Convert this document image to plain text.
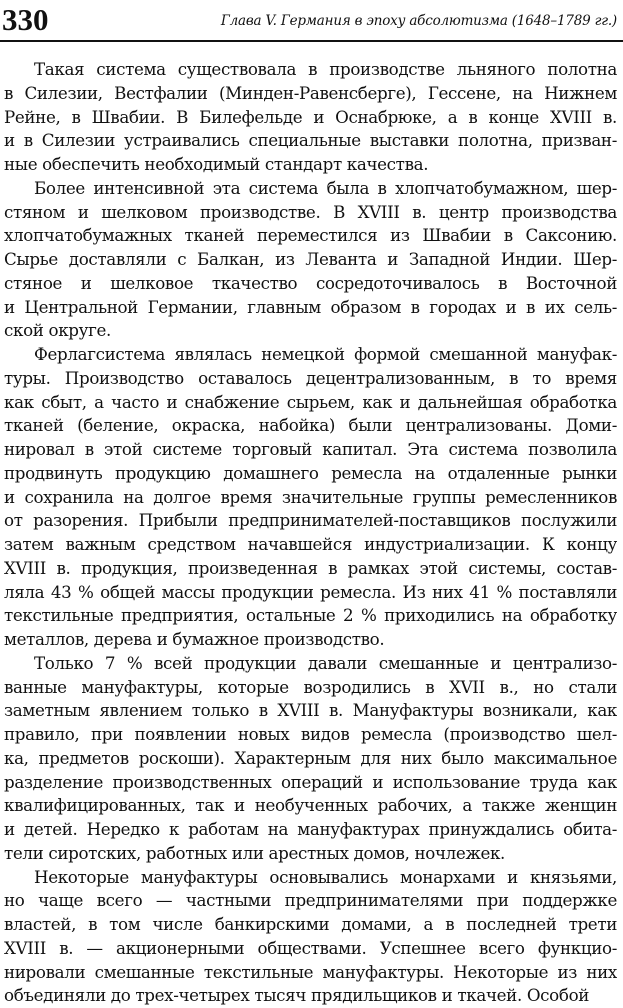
330	Глава V. Германия в эпоху абсолютизма (1648–1789 гг.)
Такая система существовала в производстве льняного полотна
в Силезии, Вестфалии (Минден-Равенсберге), Гессене, на Нижнем
Рейне, в Швабии. В Билефельде и Оснабрюке, а в конце XVIII в.
и в Силезии устраивались специальные выставки полотна, призван-
ные обеспечить необходимый стандарт качества.
Более интенсивной эта система была в хлопчатобумажном, шер-
стяном и шелковом производстве. В XVIII в. центр производства
хлопчатобумажных тканей переместился из Швабии в Саксонию.
Сырье доставляли с Балкан, из Леванта и Западной Индии. Шер-
стяное и шелковое ткачество сосредоточивалось в Восточной
и Центральной Германии, главным образом в городах и в их сель-
ской округе.
Ферлагсистема являлась немецкой формой смешанной мануфак-
туры. Производство оставалось децентрализованным, в то время
как сбыт, а часто и снабжение сырьем, как и дальнейшая обработка
тканей (беление, окраска, набойка) были централизованы. Доми-
нировал в этой системе торговый капитал. Эта система позволила
продвинуть продукцию домашнего ремесла на отдаленные рынки
и сохранила на долгое время значительные группы ремесленников
от разорения. Прибыли предпринимателей-поставщиков послужили
затем важным средством начавшейся индустриализации. К концу
XVIII в. продукция, произведенная в рамках этой системы, состав-
ляла 43 % общей массы продукции ремесла. Из них 41 % поставляли
текстильные предприятия, остальные 2 % приходились на обработку
металлов, дерева и бумажное производство.
Только 7 % всей продукции давали смешанные и централизо-
ванные мануфактуры, которые возродились в XVII в., но стали
заметным явлением только в XVIII в. Мануфактуры возникали, как
правило, при появлении новых видов ремесла (производство шел-
ка, предметов роскоши). Характерным для них было максимальное
разделение производственных операций и использование труда как
квалифицированных, так и необученных рабочих, а также женщин
и детей. Нередко к работам на мануфактурах принуждались обита-
тели сиротских, работных или арестных домов, ночлежек.
Некоторые мануфактуры основывались монархами и князьями,
но чаще всего — частными предпринимателями при поддержке
властей, в том числе банкирскими домами, а в последней трети
XVIII в. — акционерными обществами. Успешнее всего функцио-
нировали смешанные текстильные мануфактуры. Некоторые из них
объединяли до трех-четырех тысяч прядильщиков и ткачей. Особой
